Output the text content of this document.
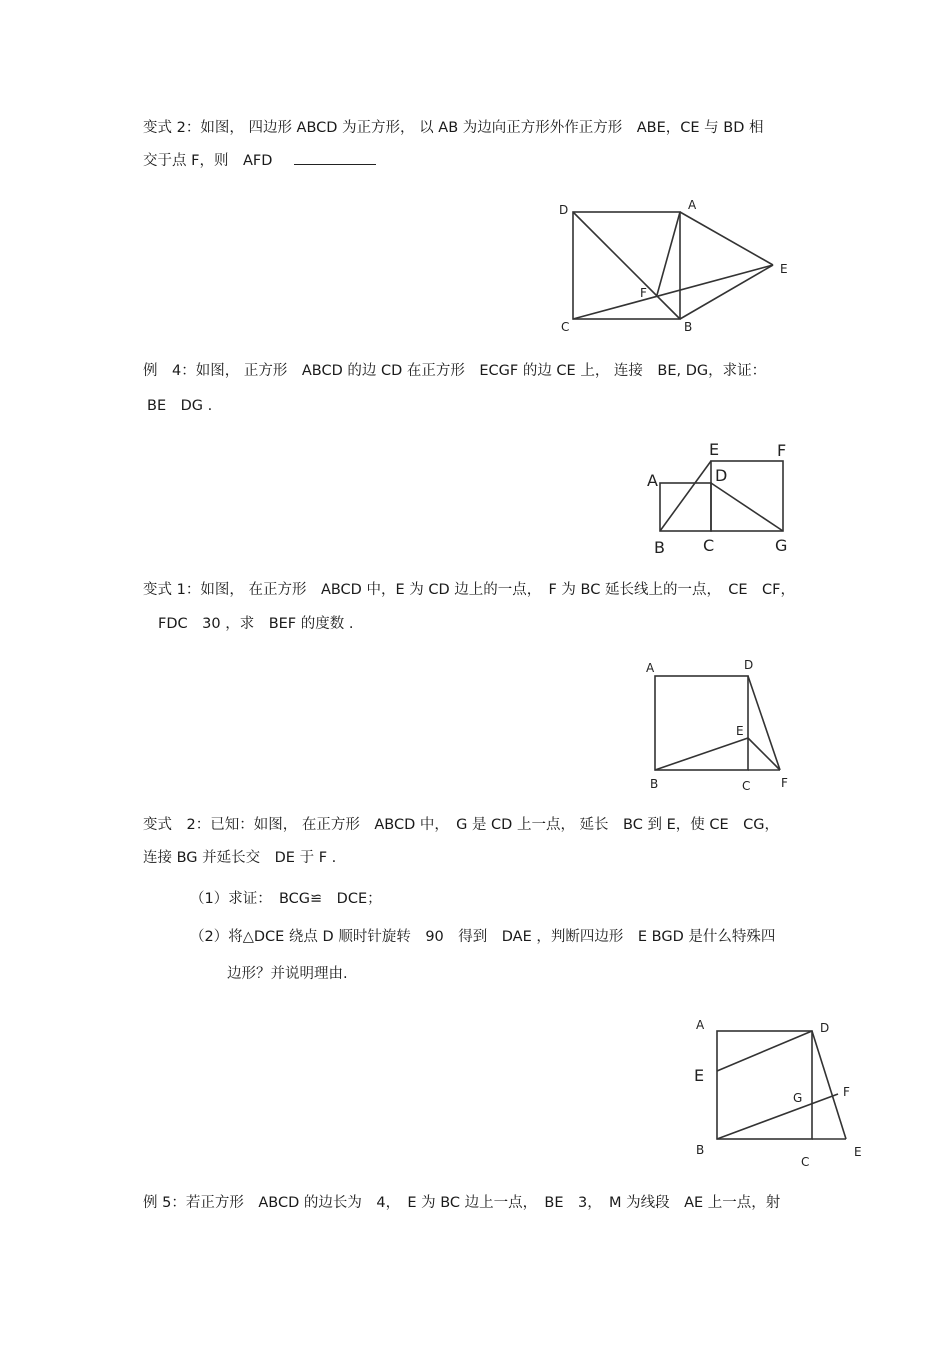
变式 2：如图， 四边形 ABCD 为正方形， 以 AB 为边向正方形外作正方形　ABE，CE 与 BD 相
交于点 F，则　AFD
D	A
E
F
C	B
例　4：如图， 正方形　ABCD 的边 CD 在正方形　ECGF 的边 CE 上， 连接　BE, DG，求证：
BE　DG .
E	F
A	D
B C	G
变式 1：如图， 在正方形　ABCD 中，E 为 CD 边上的一点，　F 为 BC 延长线上的一点，　CE　CF，
FDC　30 ，求　BEF 的度数 .
A	D
E
B	C	F
变式　2：已知：如图， 在正方形　ABCD 中，　G 是 CD 上一点， 延长　BC 到 E，使 CE　CG，
连接 BG 并延长交　DE 于 F .
（1）求证：　BCG≌　DCE；
（2）将△DCE 绕点 D 顺时针旋转　90　得到　DAE ，判断四边形　E BGD 是什么特殊四
边形？并说明理由.
A	D
E
G	F
B
C
E
例 5：若正方形　ABCD 的边长为　4，　E 为 BC 边上一点，　BE　3，　M 为线段　AE 上一点，射
